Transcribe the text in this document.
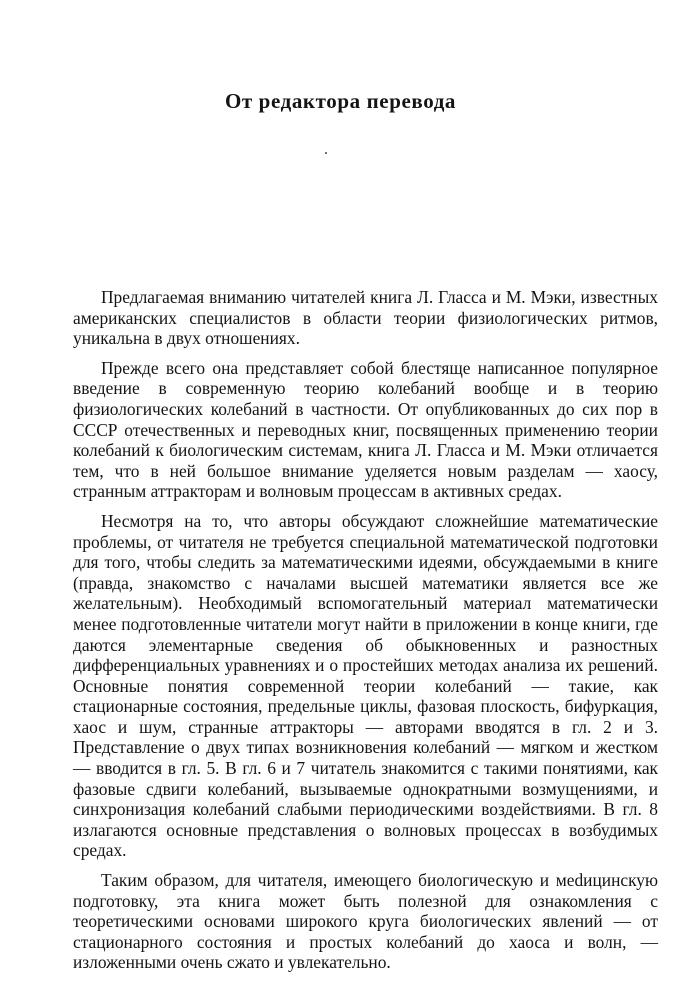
От редактора перевода

Предлагаемая вниманию читателей книга Л. Гласса и М. Мэки, известных американских специалистов в области теории физиологических ритмов, уникальна в двух отношениях.

Прежде всего она представляет собой блестяще написанное популярное введение в современную теорию колебаний вообще и в теорию физиологических колебаний в частности. От опубликованных до сих пор в СССР отечественных и переводных книг, посвященных применению теории колебаний к биологическим системам, книга Л. Гласса и М. Мэки отличается тем, что в ней большое внимание уделяется новым разделам — хаосу, странным аттракторам и волновым процессам в активных средах.

Несмотря на то, что авторы обсуждают сложнейшие математические проблемы, от читателя не требуется специальной математической подготовки для того, чтобы следить за математическими идеями, обсуждаемыми в книге (правда, знакомство с началами высшей математики является все же желательным). Необходимый вспомогательный материал математически менее подготовленные читатели могут найти в приложении в конце книги, где даются элементарные сведения об обыкновенных и разностных дифференциальных уравнениях и о простейших методах анализа их решений. Основные понятия современной теории колебаний — такие, как стационарные состояния, предельные циклы, фазовая плоскость, бифуркация, хаос и шум, странные аттракторы — авторами вводятся в гл. 2 и 3. Представление о двух типах возникновения колебаний — мягком и жестком — вводится в гл. 5. В гл. 6 и 7 читатель знакомится с такими понятиями, как фазовые сдвиги колебаний, вызываемые однократными возмущениями, и синхронизация колебаний слабыми периодическими воздействиями. В гл. 8 излагаются основные представления о волновых процессах в возбудимых средах.

Таким образом, для читателя, имеющего биологическую и меdицинскую подготовку, эта книга может быть полезной для ознакомления с теоретическими основами широкого круга биологических явлений — от стационарного состояния и простых колебаний до хаоса и волн, — изложенными очень сжато и увлекательно.
